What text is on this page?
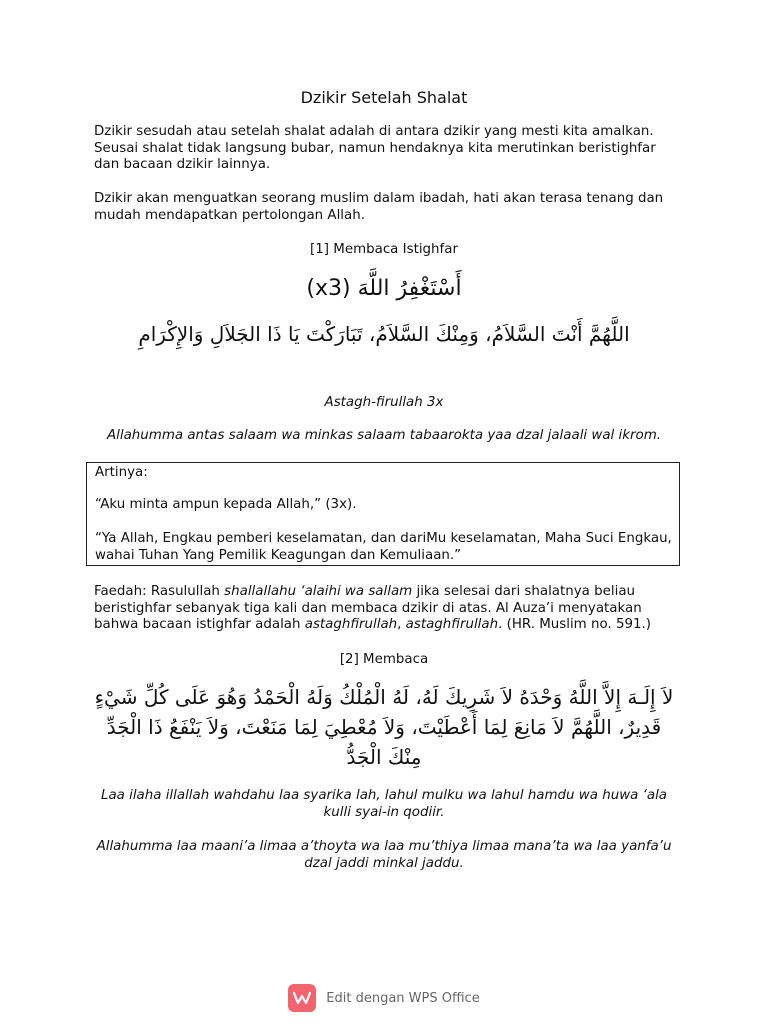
Dzikir Setelah Shalat
Dzikir sesudah atau setelah shalat adalah di antara dzikir yang mesti kita amalkan. Seusai shalat tidak langsung bubar, namun hendaknya kita merutinkan beristighfar dan bacaan dzikir lainnya.
Dzikir akan menguatkan seorang muslim dalam ibadah, hati akan terasa tenang dan mudah mendapatkan pertolongan Allah.
[1] Membaca Istighfar
أَسْتَغْفِرُ اللَّهَ (x3)
اللَّهُمَّ أَنْتَ السَّلاَمُ، وَمِنْكَ السَّلاَمُ، تَبَارَكْتَ يَا ذَا الجَلاَلِ وَالإِكْرَامِ
Astagh-firullah 3x
Allahumma antas salaam wa minkas salaam tabaarokta yaa dzal jalaali wal ikrom.
Artinya:
“Aku minta ampun kepada Allah,” (3x).
“Ya Allah, Engkau pemberi keselamatan, dan dariMu keselamatan, Maha Suci Engkau, wahai Tuhan Yang Pemilik Keagungan dan Kemuliaan.”
Faedah: Rasulullah shallallahu ‘alaihi wa sallam jika selesai dari shalatnya beliau beristighfar sebanyak tiga kali dan membaca dzikir di atas. Al Auza’i menyatakan bahwa bacaan istighfar adalah astaghfirullah, astaghfirullah. (HR. Muslim no. 591.)
[2] Membaca
لاَ إِلَـهَ إِلاَّ اللَّهُ وَحْدَهُ لاَ شَرِيكَ لَهُ، لَهُ الْمُلْكُ وَلَهُ الْحَمْدُ وَهُوَ عَلَى كُلِّ شَيْءٍ قَدِيرٌ، اللَّهُمَّ لاَ مَانِعَ لِمَا أَعْطَيْتَ، وَلاَ مُعْطِيَ لِمَا مَنَعْتَ، وَلاَ يَنْفَعُ ذَا الْجَدِّ مِنْكَ الْجَدُّ
Laa ilaha illallah wahdahu laa syarika lah, lahul mulku wa lahul hamdu wa huwa ‘ala kulli syai-in qodiir.
Allahumma laa maani’a limaa a’thoyta wa laa mu’thiya limaa mana’ta wa laa yanfa’u dzal jaddi minkal jaddu.
Edit dengan WPS Office
